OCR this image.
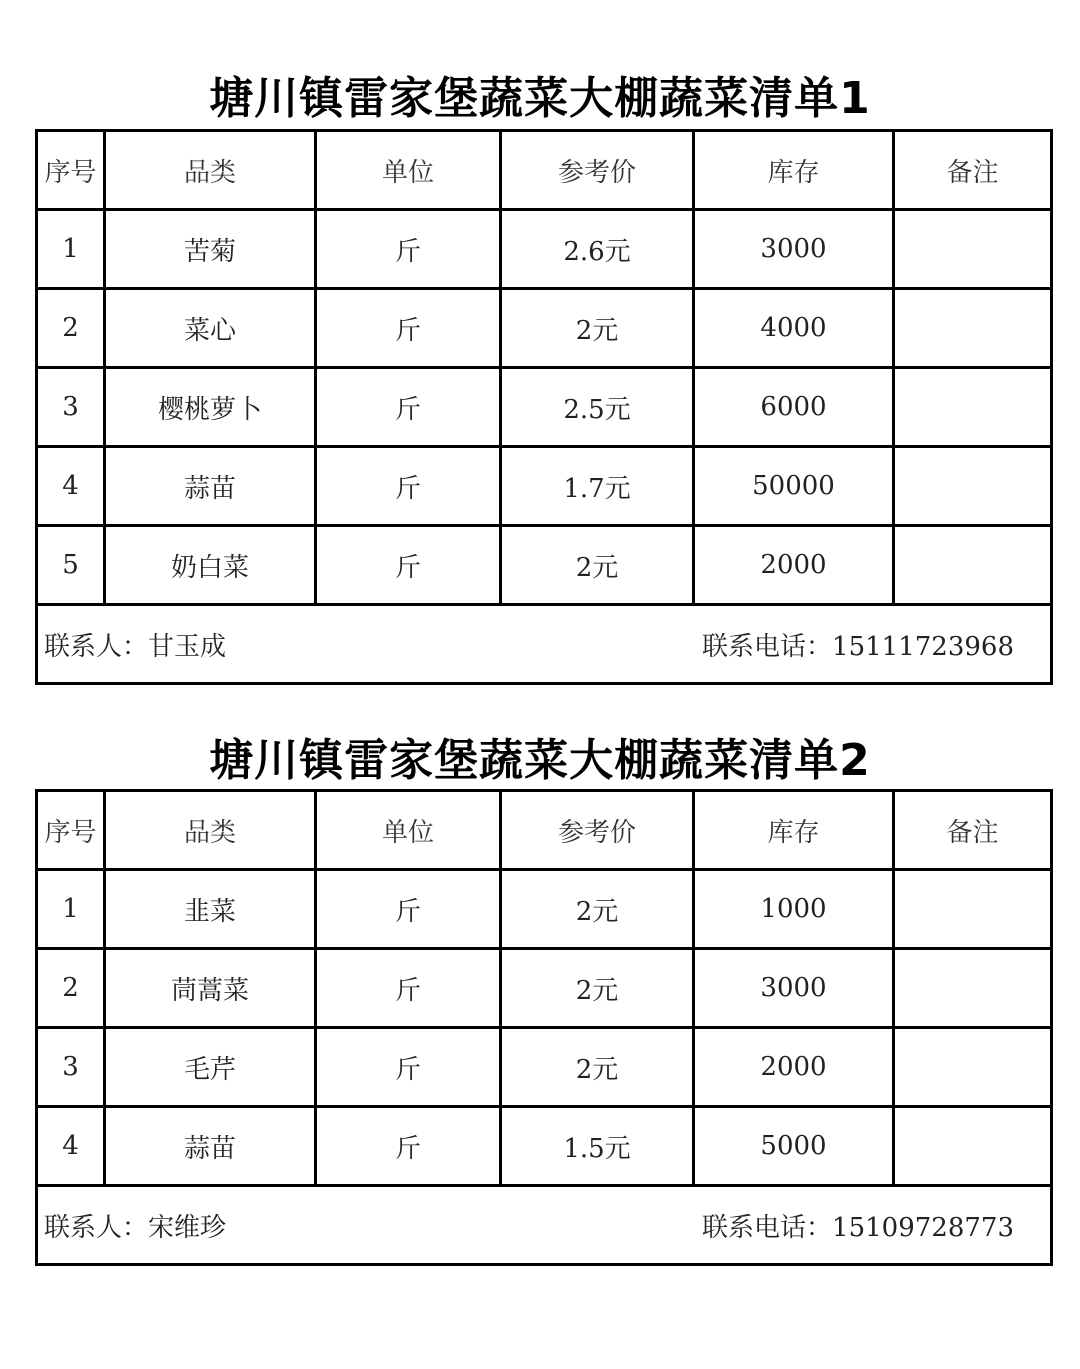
塘川镇雷家堡蔬菜大棚蔬菜清单1
序号	品类	单位	参考价	库存	备注
1	苦菊	斤	2.6元	3000	
2	菜心	斤	2元	4000	
3	樱桃萝卜	斤	2.5元	6000	
4	蒜苗	斤	1.7元	50000	
5	奶白菜	斤	2元	2000	

联系人：甘玉成 联系电话：15111723968					
塘川镇雷家堡蔬菜大棚蔬菜清单2
序号	品类	单位	参考价	库存	备注
1	韭菜	斤	2元	1000	
2	茼蒿菜	斤	2元	3000	
3	毛芹	斤	2元	2000	
4	蒜苗	斤	1.5元	5000	

联系人：宋维珍 联系电话：15109728773					
